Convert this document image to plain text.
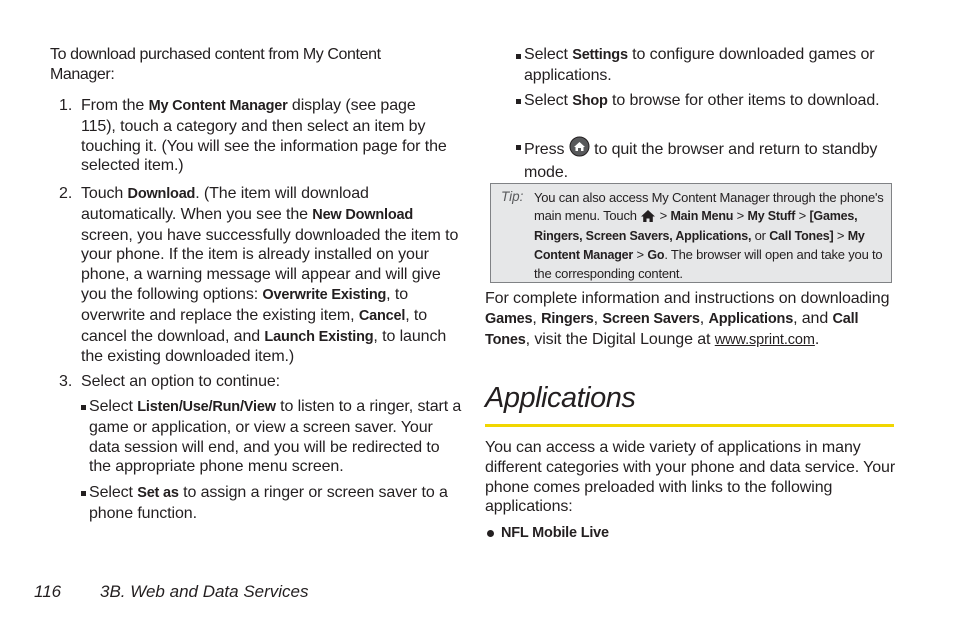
To download purchased content from My Content Manager:
1. From the My Content Manager display (see page 115), touch a category and then select an item by touching it. (You will see the information page for the selected item.)
2. Touch Download. (The item will download automatically. When you see the New Download screen, you have successfully downloaded the item to your phone. If the item is already installed on your phone, a warning message will appear and will give you the following options: Overwrite Existing, to overwrite and replace the existing item, Cancel, to cancel the download, and Launch Existing, to launch the existing downloaded item.)
3. Select an option to continue:
Select Listen/Use/Run/View to listen to a ringer, start a game or application, or view a screen saver. Your data session will end, and you will be redirected to the appropriate phone menu screen.
Select Set as to assign a ringer or screen saver to a phone function.
Select Settings to configure downloaded games or applications.
Select Shop to browse for other items to download.
Press  to quit the browser and return to standby mode.
Tip: You can also access My Content Manager through the phone's main menu. Touch  > Main Menu > My Stuff > [Games, Ringers, Screen Savers, Applications, or Call Tones] > My Content Manager > Go. The browser will open and take you to the corresponding content.
For complete information and instructions on downloading Games, Ringers, Screen Savers, Applications, and Call Tones, visit the Digital Lounge at www.sprint.com.
Applications
You can access a wide variety of applications in many different categories with your phone and data service. Your phone comes preloaded with links to the following applications:
NFL Mobile Live
116 3B. Web and Data Services
